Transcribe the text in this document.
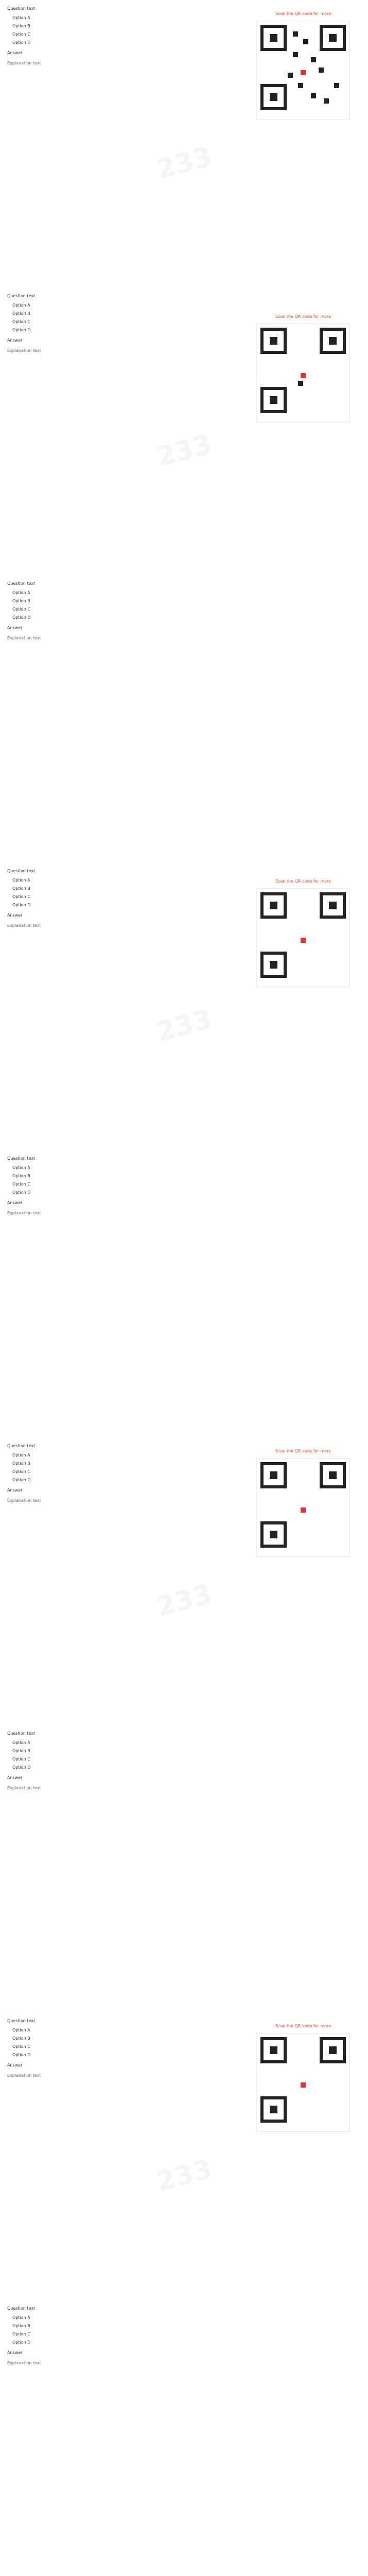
Question text

Option A

Option B

Option C

Option D

Answer

Explanation text

Scan the QR code for more
233

Question text

Option A

Option B

Option C

Option D

Answer

Explanation text

Scan the QR code for more
233

Question text

Option A

Option B

Option C

Option D

Answer

Explanation text

Question text

Option A

Option B

Option C

Option D

Answer

Explanation text

Scan the QR code for more
233

Question text

Option A

Option B

Option C

Option D

Answer

Explanation text

Question text

Option A

Option B

Option C

Option D

Answer

Explanation text

Scan the QR code for more
233

Question text

Option A

Option B

Option C

Option D

Answer

Explanation text

Question text

Option A

Option B

Option C

Option D

Answer

Explanation text

Scan the QR code for more
233

Question text

Option A

Option B

Option C

Option D

Answer

Explanation text
